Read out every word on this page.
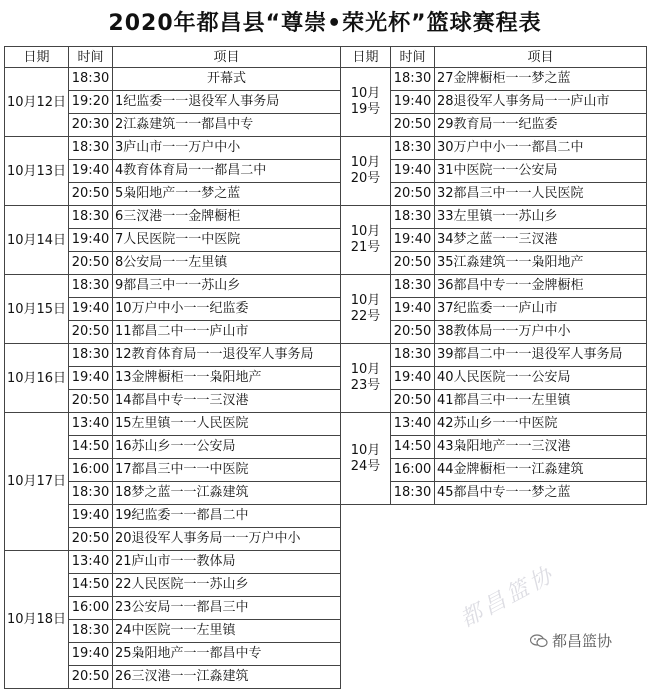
2020年都昌县“尊崇•荣光杯”篮球赛程表
日期	时间	项目	日期	时间	项目
10月12日
18:30	开幕式
19:20 1纪监委一一退役军人事务局
20:30 2江淼建筑一一都昌中专
10月13日
18:30 3庐山市一一万户中小
19:40 4教育体育局一一都昌二中
20:50 5枭阳地产一一梦之蓝
10月14日
18:30 6三汊港一一金牌橱柜
19:40 7人民医院一一中医院
20:50 8公安局一一左里镇
10月15日
18:30 9都昌三中一一苏山乡
19:40 10万户中小一一纪监委
20:50 11都昌二中一一庐山市
10月16日
18:30 12教育体育局一一退役军人事务局
19:40 13金牌橱柜一一枭阳地产
20:50 14都昌中专一一三汊港
10月17日
13:40 15左里镇一一人民医院
14:50 16苏山乡一一公安局
16:00 17都昌三中一一中医院
18:30 18梦之蓝一一江淼建筑
19:40 19纪监委一一都昌二中
20:50 20退役军人事务局一一万户中小
10月18日
13:40 21庐山市一一教体局
14:50 22人民医院一一苏山乡
16:00 23公安局一一都昌三中
18:30 24中医院一一左里镇
19:40 25枭阳地产一一都昌中专
20:50 26三汊港一一江淼建筑
10月19号
18:30 27金牌橱柜一一梦之蓝
19:40 28退役军人事务局一一庐山市
20:50 29教育局一一纪监委
10月20号
18:30 30万户中小一一都昌二中
19:40 31中医院一一公安局
20:50 32都昌三中一一人民医院
10月21号
18:30 33左里镇一一苏山乡
19:40 34梦之蓝一一三汊港
20:50 35江淼建筑一一枭阳地产
10月22号
18:30 36都昌中专一一金牌橱柜
19:40 37纪监委一一庐山市
20:50 38教体局一一万户中小
10月23号
18:30 39都昌二中一一退役军人事务局
19:40 40人民医院一一公安局
20:50 41都昌三中一一左里镇
10月24号
13:40 42苏山乡一一中医院
14:50 43枭阳地产一一三汊港
16:00 44金牌橱柜一一江淼建筑
18:30 45都昌中专一一梦之蓝
都昌篮协
都昌篮协
